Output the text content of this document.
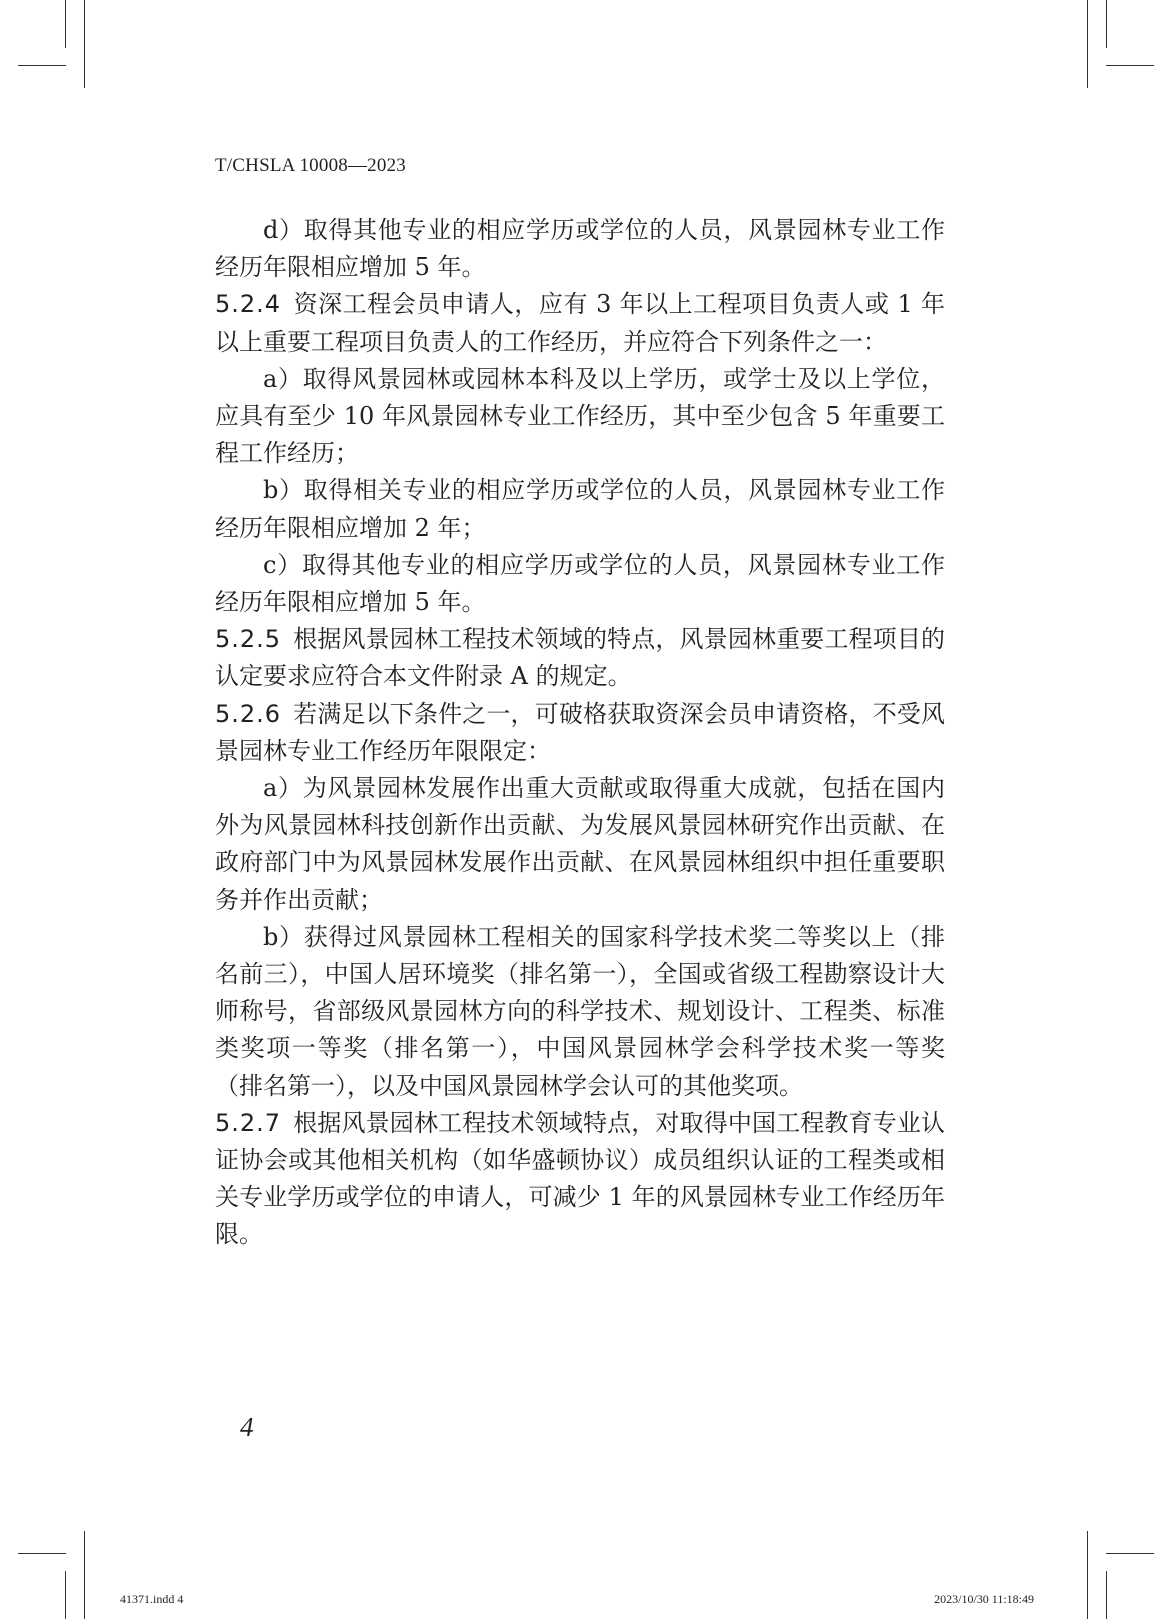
T/CHSLA 10008—2023

d）取得其他专业的相应学历或学位的人员，风景园林专业工作经历年限相应增加 5 年。

5.2.4 资深工程会员申请人，应有 3 年以上工程项目负责人或 1 年以上重要工程项目负责人的工作经历，并应符合下列条件之一：

a）取得风景园林或园林本科及以上学历，或学士及以上学位，应具有至少 10 年风景园林专业工作经历，其中至少包含 5 年重要工程工作经历；

b）取得相关专业的相应学历或学位的人员，风景园林专业工作经历年限相应增加 2 年；

c）取得其他专业的相应学历或学位的人员，风景园林专业工作经历年限相应增加 5 年。

5.2.5 根据风景园林工程技术领域的特点，风景园林重要工程项目的认定要求应符合本文件附录 A 的规定。

5.2.6 若满足以下条件之一，可破格获取资深会员申请资格，不受风景园林专业工作经历年限限定：

a）为风景园林发展作出重大贡献或取得重大成就，包括在国内外为风景园林科技创新作出贡献、为发展风景园林研究作出贡献、在政府部门中为风景园林发展作出贡献、在风景园林组织中担任重要职务并作出贡献；

b）获得过风景园林工程相关的国家科学技术奖二等奖以上（排名前三），中国人居环境奖（排名第一），全国或省级工程勘察设计大师称号，省部级风景园林方向的科学技术、规划设计、工程类、标准类奖项一等奖（排名第一），中国风景园林学会科学技术奖一等奖（排名第一），以及中国风景园林学会认可的其他奖项。

5.2.7 根据风景园林工程技术领域特点，对取得中国工程教育专业认证协会或其他相关机构（如华盛顿协议）成员组织认证的工程类或相关专业学历或学位的申请人，可减少 1 年的风景园林专业工作经历年限。

4
41371.indd 4	2023/10/30 11:18:49
